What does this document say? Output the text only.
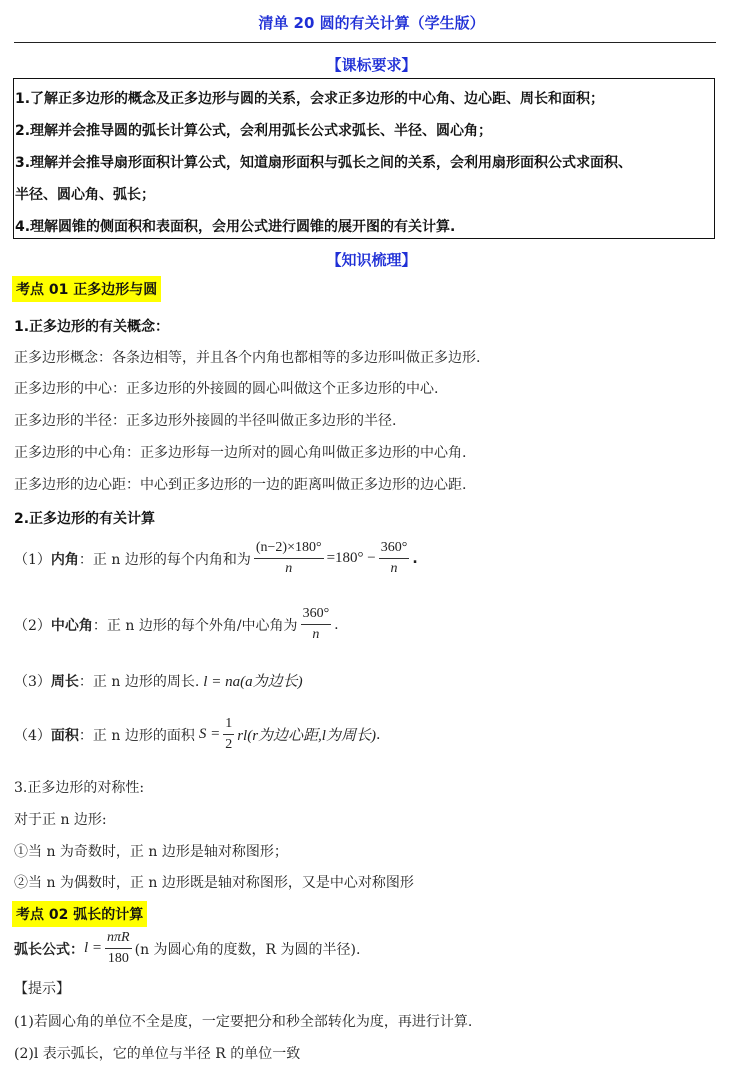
清单 20 圆的有关计算（学生版）
【课标要求】
1.了解正多边形的概念及正多边形与圆的关系，会求正多边形的中心角、边心距、周长和面积；
2.理解并会推导圆的弧长计算公式，会利用弧长公式求弧长、半径、圆心角；
3.理解并会推导扇形面积计算公式，知道扇形面积与弧长之间的关系，会利用扇形面积公式求面积、
半径、圆心角、弧长；
4.理解圆锥的侧面积和表面积，会用公式进行圆锥的展开图的有关计算.
【知识梳理】
考点 01 正多边形与圆
1.正多边形的有关概念：
正多边形概念：各条边相等，并且各个内角也都相等的多边形叫做正多边形.
正多边形的中心：正多边形的外接圆的圆心叫做这个正多边形的中心.
正多边形的半径：正多边形外接圆的半径叫做正多边形的半径.
正多边形的中心角：正多边形每一边所对的圆心角叫做正多边形的中心角.
正多边形的边心距：中心到正多边形的一边的距离叫做正多边形的边心距.
2.正多边形的有关计算
（1） 内角 ：正 n 边形的每个内角和为 $\frac{(n-2)\times 180^\circ}{n} =180^\circ - \frac{360^\circ}{n}$ .
（2） 中心角 ：正 n 边形的每个外角/中心角为 $\frac{360^\circ}{n}$ .
（3） 周长 ：正 n 边形的周长. l = na(a为边长)
（4） 面积 ：正 n 边形的面积 $S = \frac{1}{2} rl(r$为边心距,l为周长) .
3.正多边形的对称性:
对于正 n 边形:
①当 n 为奇数时，正 n 边形是轴对称图形；
②当 n 为偶数时，正 n 边形既是轴对称图形，又是中心对称图形
考点 02 弧长的计算
弧长公式： $l = \frac{\text{nπR}}{180} (n$ 为圆心角的度数，R 为圆的半径).
【提示】
(1)若圆心角的单位不全是度，一定要把分和秒全部转化为度，再进行计算.
(2)l 表示弧长，它的单位与半径 R 的单位一致
